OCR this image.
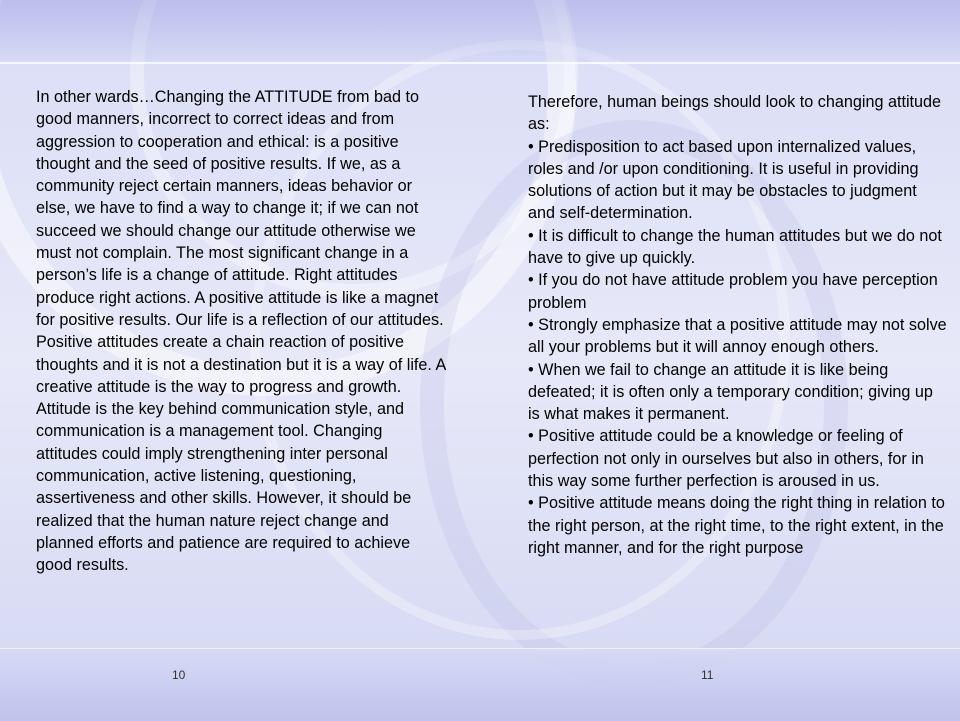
In other wards…Changing the ATTITUDE from bad to good manners, incorrect to correct ideas and from aggression to cooperation and ethical: is a positive thought and the seed of positive results. If we, as a community reject certain manners, ideas behavior or else, we have to find a way to change it; if we can not succeed we should change our attitude otherwise we must not complain. The most significant change in a person’s life is a change of attitude. Right attitudes produce right actions. A positive attitude is like a magnet for positive results. Our life is a reflection of our attitudes. Positive attitudes create a chain reaction of positive thoughts and it is not a destination but it is a way of life. A creative attitude is the way to progress and growth. Attitude is the key behind communication style, and communication is a management tool. Changing attitudes could imply strengthening inter personal communication, active listening, questioning, assertiveness and other skills. However, it should be realized that the human nature reject change and planned efforts and patience are required to achieve good results.

Therefore, human beings should look to changing attitude as:

• Predisposition to act based upon internalized values, roles and /or upon conditioning. It is useful in providing solutions of action but it may be obstacles to judgment and self-determination.

• It is difficult to change the human attitudes but we do not have to give up quickly.

• If you do not have attitude problem you have perception problem

• Strongly emphasize that a positive attitude may not solve all your problems but it will annoy enough others.

• When we fail to change an attitude it is like being defeated; it is often only a temporary condition; giving up is what makes it permanent.

• Positive attitude could be a knowledge or feeling of perfection not only in ourselves but also in others, for in this way some further perfection is aroused in us.

• Positive attitude means doing the right thing in relation to the right person, at the right time, to the right extent, in the right manner, and for the right purpose

10	11
